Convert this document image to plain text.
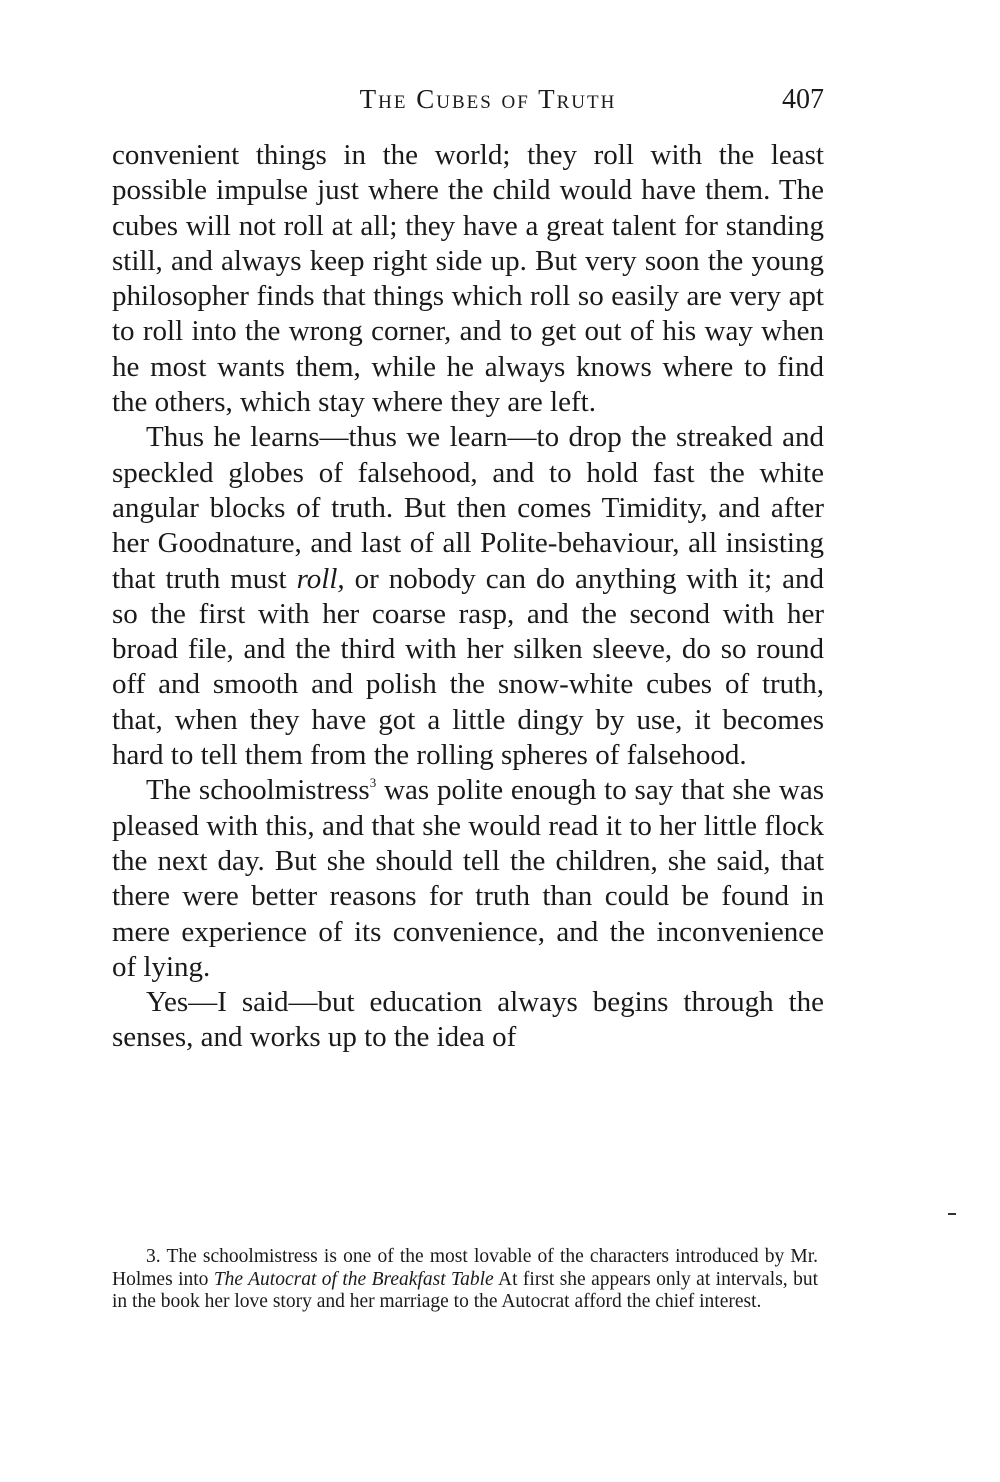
The Cubes of Truth	407

convenient things in the world; they roll with the least possible impulse just where the child would have them. The cubes will not roll at all; they have a great talent for standing still, and always keep right side up. But very soon the young philosopher finds that things which roll so easily are very apt to roll into the wrong corner, and to get out of his way when he most wants them, while he always knows where to find the others, which stay where they are left.

Thus he learns—thus we learn—to drop the streaked and speckled globes of falsehood, and to hold fast the white angular blocks of truth. But then comes Timidity, and after her Goodnature, and last of all Polite-behaviour, all insisting that truth must roll, or nobody can do anything with it; and so the first with her coarse rasp, and the second with her broad file, and the third with her silken sleeve, do so round off and smooth and polish the snow-white cubes of truth, that, when they have got a little dingy by use, it becomes hard to tell them from the rolling spheres of falsehood.

The schoolmistress$^3$ was polite enough to say that she was pleased with this, and that she would read it to her little flock the next day. But she should tell the children, she said, that there were better reasons for truth than could be found in mere experience of its convenience, and the inconvenience of lying.

Yes—I said—but education always begins through the senses, and works up to the idea of

3. The schoolmistress is one of the most lovable of the characters introduced by Mr. Holmes into The Autocrat of the Breakfast Table At first she appears only at intervals, but in the book her love story and her marriage to the Autocrat afford the chief interest.
